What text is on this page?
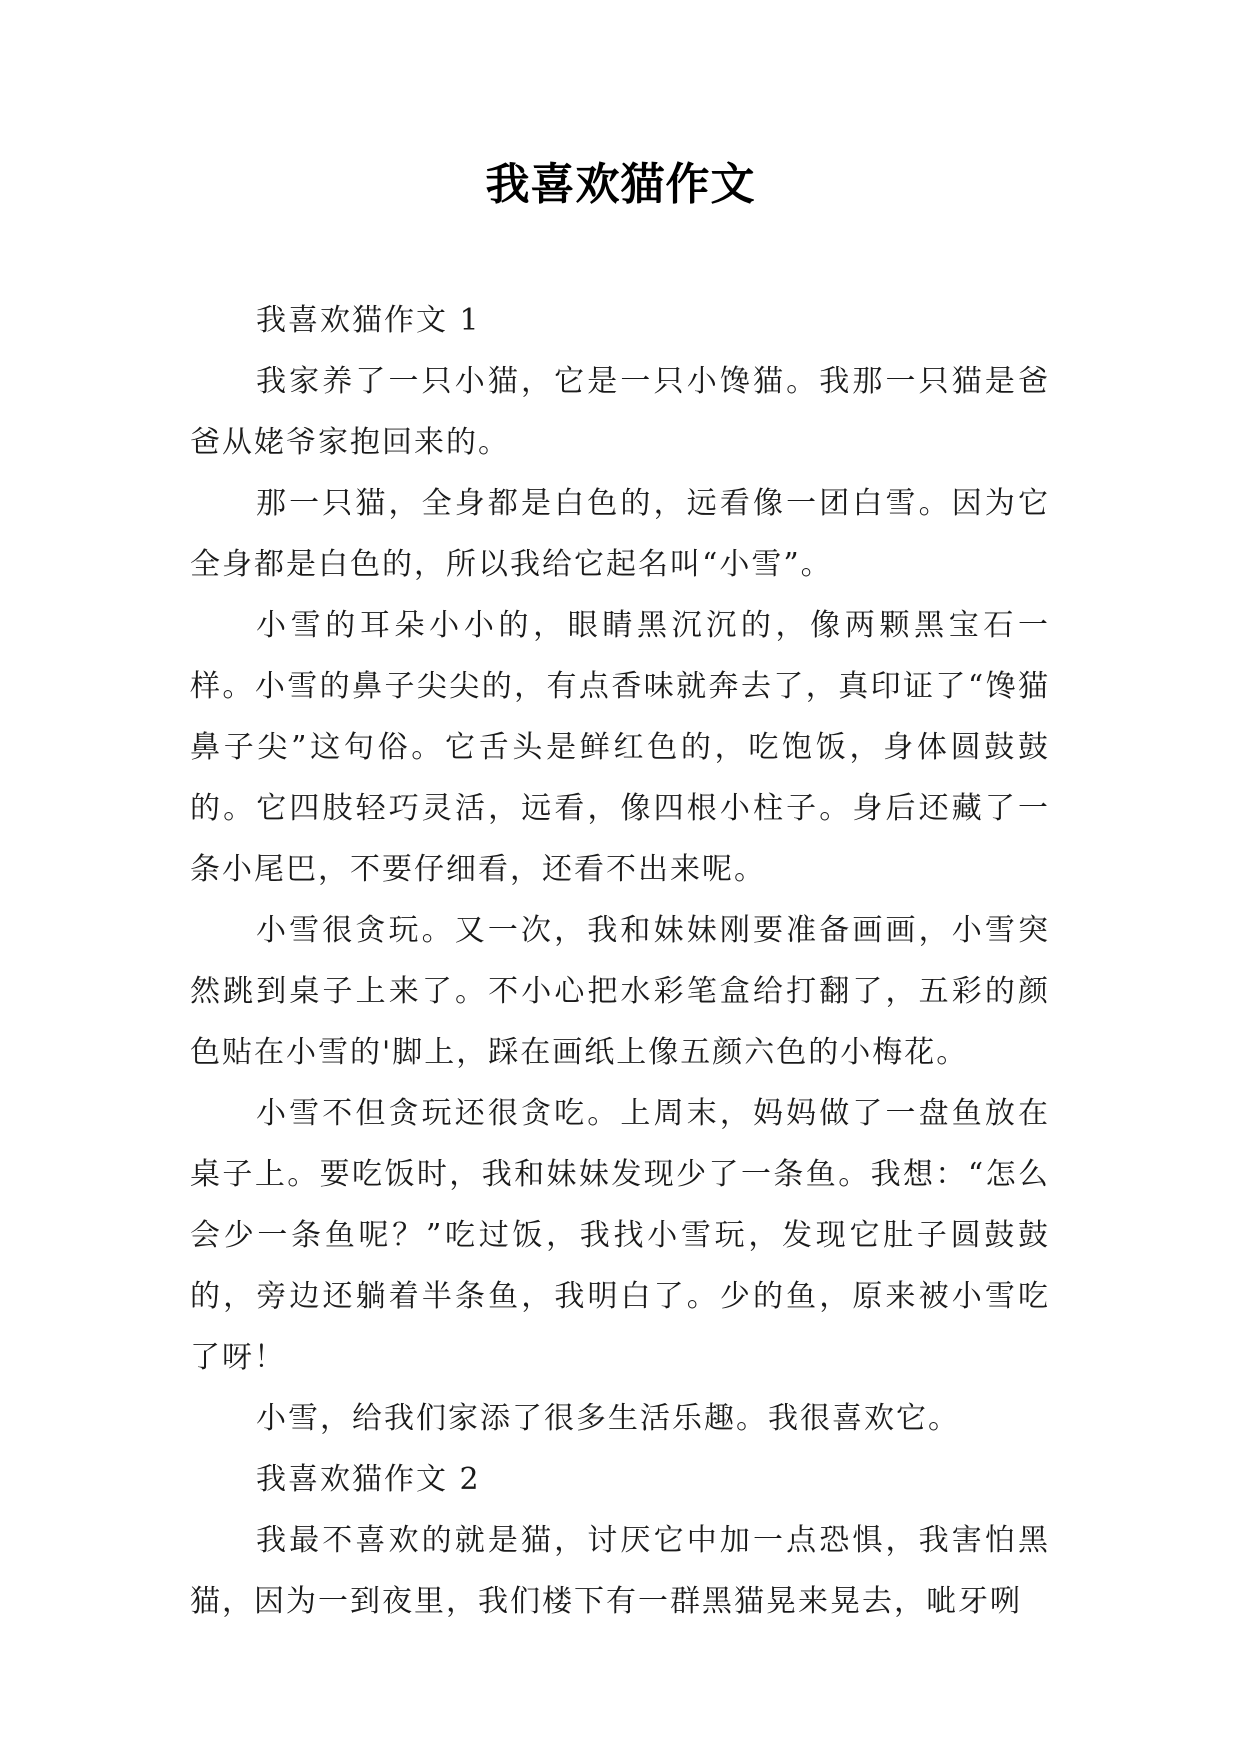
我喜欢猫作文

我喜欢猫作文 1

我家养了一只小猫，它是一只小馋猫。我那一只猫是爸爸从姥爷家抱回来的。

那一只猫，全身都是白色的，远看像一团白雪。因为它全身都是白色的，所以我给它起名叫“小雪”。

小雪的耳朵小小的，眼睛黑沉沉的，像两颗黑宝石一样。小雪的鼻子尖尖的，有点香味就奔去了，真印证了“馋猫鼻子尖”这句俗。它舌头是鲜红色的，吃饱饭，身体圆鼓鼓的。它四肢轻巧灵活，远看，像四根小柱子。身后还藏了一条小尾巴，不要仔细看，还看不出来呢。

小雪很贪玩。又一次，我和妹妹刚要准备画画，小雪突然跳到桌子上来了。不小心把水彩笔盒给打翻了，五彩的颜色贴在小雪的'脚上，踩在画纸上像五颜六色的小梅花。

小雪不但贪玩还很贪吃。上周末，妈妈做了一盘鱼放在桌子上。要吃饭时，我和妹妹发现少了一条鱼。我想：“怎么会少一条鱼呢？”吃过饭，我找小雪玩，发现它肚子圆鼓鼓的，旁边还躺着半条鱼，我明白了。少的鱼，原来被小雪吃了呀！

小雪，给我们家添了很多生活乐趣。我很喜欢它。

我喜欢猫作文 2

我最不喜欢的就是猫，讨厌它中加一点恐惧，我害怕黑猫，因为一到夜里，我们楼下有一群黑猫晃来晃去，呲牙咧
